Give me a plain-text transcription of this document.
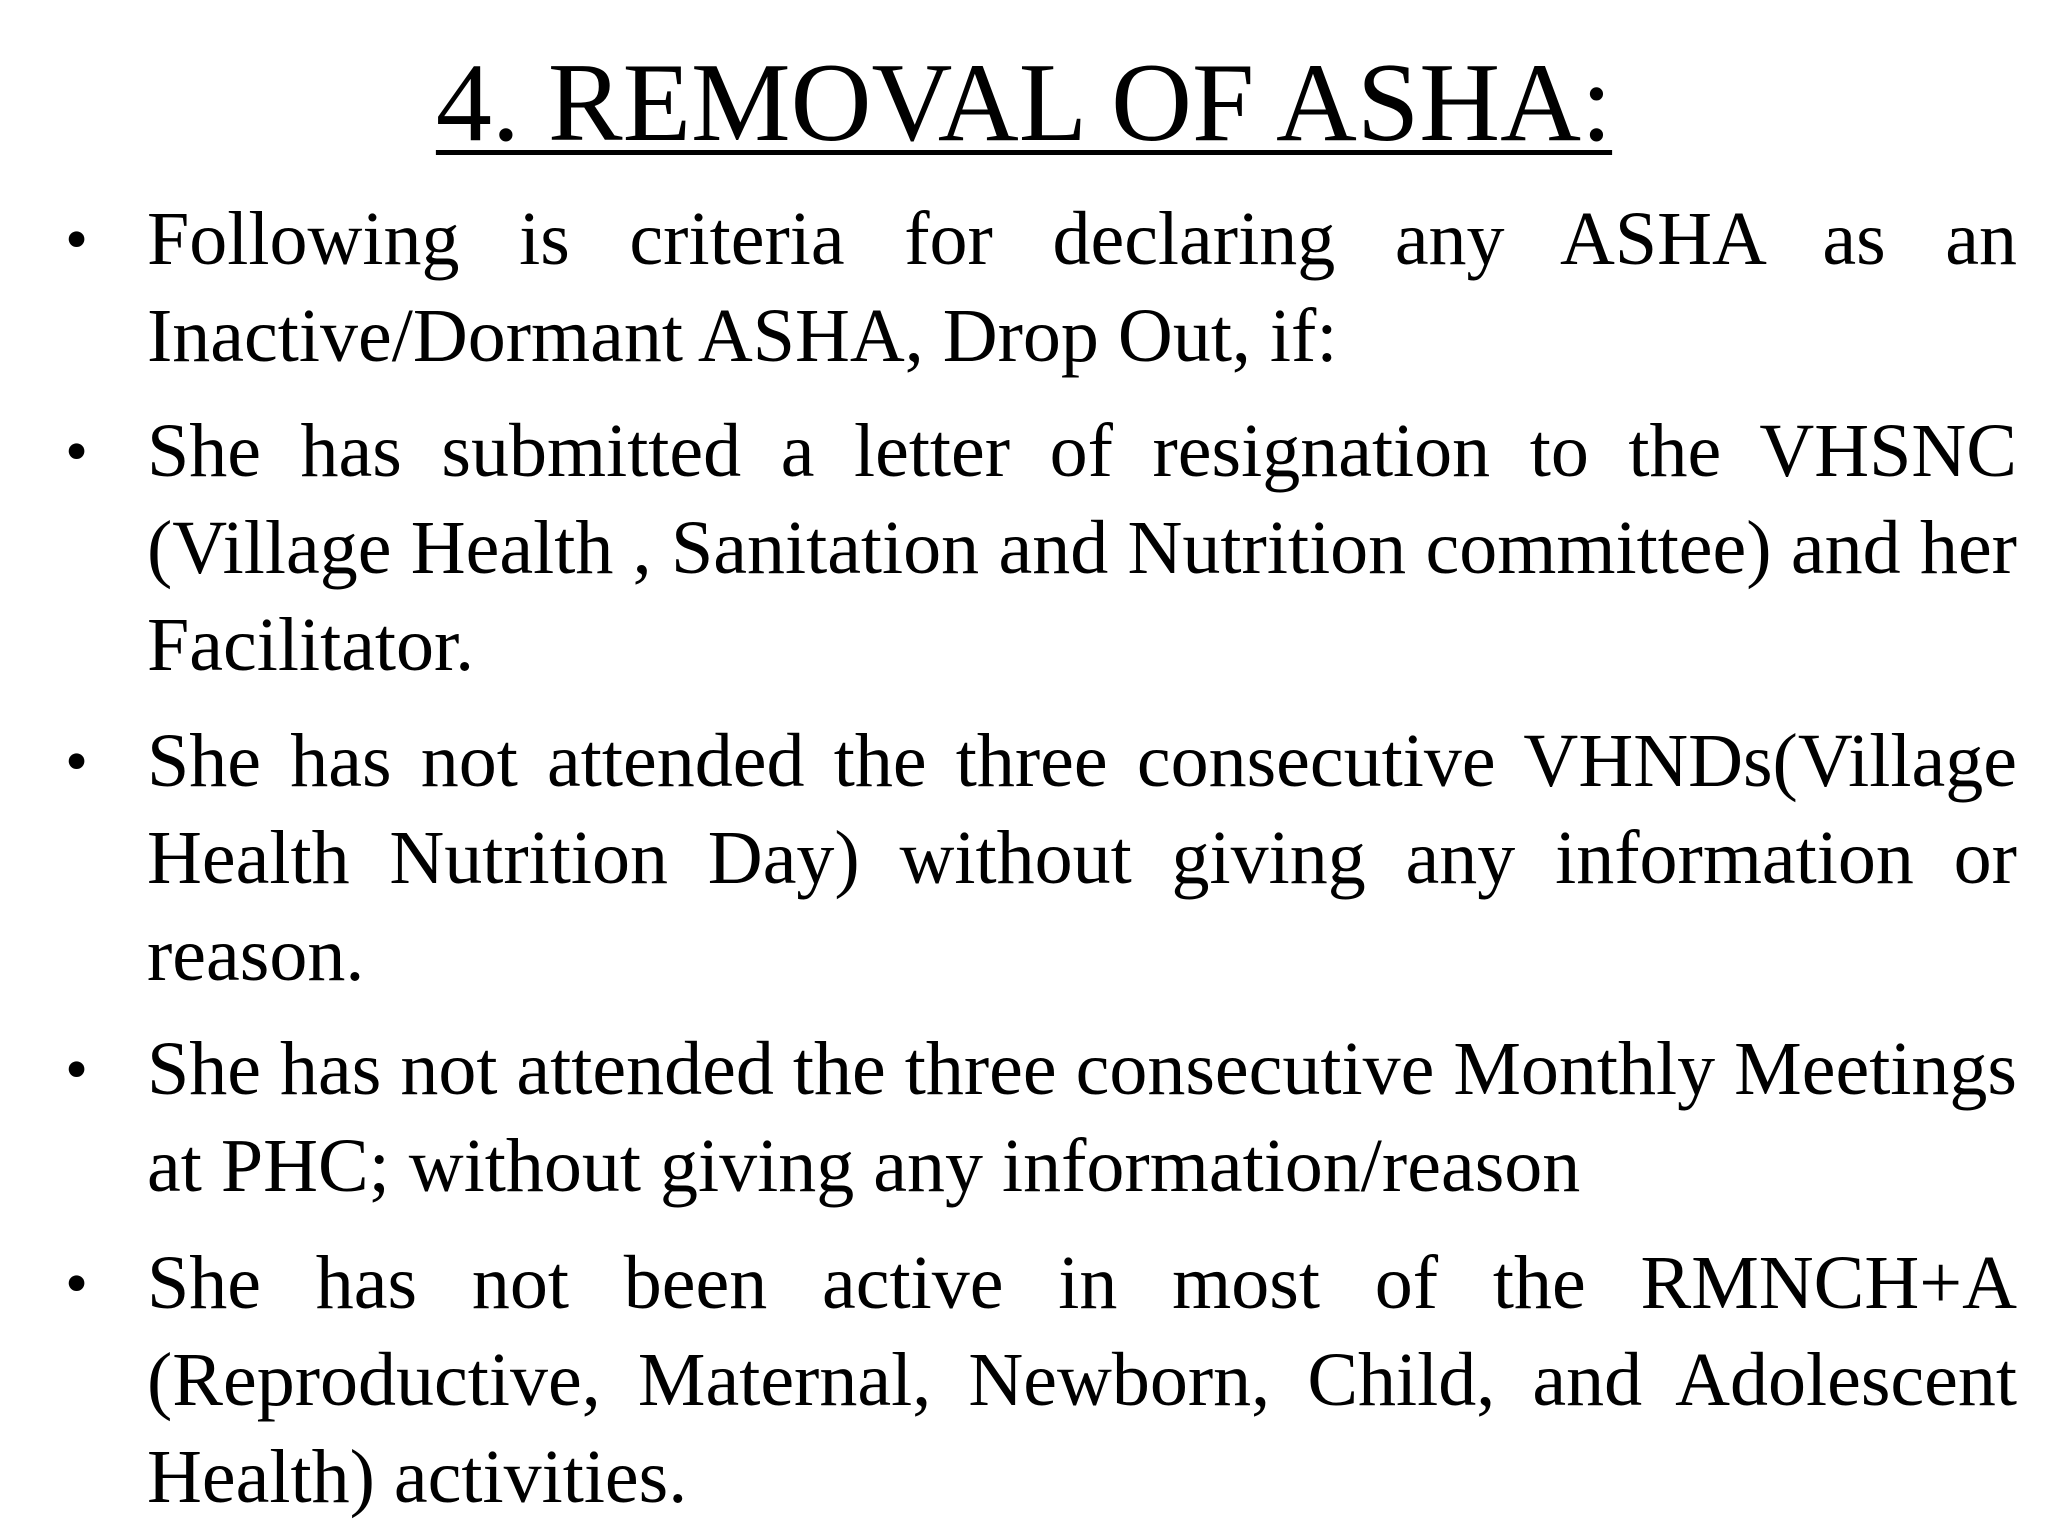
4. REMOVAL OF ASHA:
• Following is criteria for declaring any ASHA as an Inactive/Dormant ASHA, Drop Out, if:
• She has submitted a letter of resignation to the VHSNC (Village Health , Sanitation and Nutrition committee) and her Facilitator.
• She has not attended the three consecutive VHNDs(Village Health Nutrition Day) without giving any information or reason.
• She has not attended the three consecutive Monthly Meetings at PHC; without giving any information/reason
• She has not been active in most of the RMNCH+A (Reproductive, Maternal, Newborn, Child, and Adolescent Health) activities.
